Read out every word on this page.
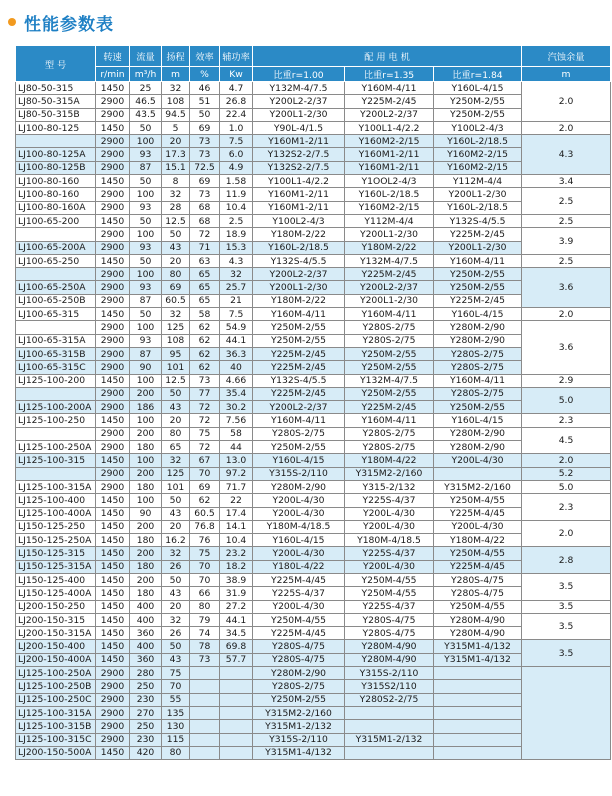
性能参数表
型 号	转速	流量	扬程	效率	辅功率	配 用 电 机			汽蚀余量
	r/min	m³/h	m	%	Kw	比重r=1.00	比重r=1.35	比重r=1.84	m
LJ80-50-315	1450	25	32	46	4.7	Y132M-4/7.5	Y160M-4/11	Y160L-4/15	2.0
LJ80-50-315A	2900	46.5	108	51	26.8	Y200L2-2/37	Y225M-2/45	Y250M-2/55	
LJ80-50-315B	2900	43.5	94.5	50	22.4	Y200L1-2/30	Y200L2-2/37	Y250M-2/55	
LJ100-80-125	1450	50	5	69	1.0	Y90L-4/1.5	Y100L1-4/2.2	Y100L2-4/3	2.0
	2900	100	20	73	7.5	Y160M1-2/11	Y160M2-2/15	Y160L-2/18.5	4.3
LJ100-80-125A	2900	93	17.3	73	6.0	Y132S2-2/7.5	Y160M1-2/11	Y160M2-2/15	
LJ100-80-125B	2900	87	15.1	72.5	4.9	Y132S2-2/7.5	Y160M1-2/11	Y160M2-2/15	
LJ100-80-160	1450	50	8	69	1.58	Y100L1-4/2.2	Y1OOL2-4/3	Y112M-4/4	3.4
LJ100-80-160	2900	100	32	73	11.9	Y160M1-2/11	Y160L-2/18.5	Y200L1-2/30	2.5
LJ100-80-160A	2900	93	28	68	10.4	Y160M1-2/11	Y160M2-2/15	Y160L-2/18.5	
LJ100-65-200	1450	50	12.5	68	2.5	Y100L2-4/3	Y112M-4/4	Y132S-4/5.5	2.5
	2900	100	50	72	18.9	Y180M-2/22	Y200L1-2/30	Y225M-2/45	3.9
LJ100-65-200A	2900	93	43	71	15.3	Y160L-2/18.5	Y180M-2/22	Y200L1-2/30	
LJ100-65-250	1450	50	20	63	4.3	Y132S-4/5.5	Y132M-4/7.5	Y160M-4/11	2.5
	2900	100	80	65	32	Y200L2-2/37	Y225M-2/45	Y250M-2/55	3.6
LJ100-65-250A	2900	93	69	65	25.7	Y200L1-2/30	Y200L2-2/37	Y250M-2/55	
LJ100-65-250B	2900	87	60.5	65	21	Y180M-2/22	Y200L1-2/30	Y225M-2/45	
LJ100-65-315	1450	50	32	58	7.5	Y160M-4/11	Y160M-4/11	Y160L-4/15	2.0
	2900	100	125	62	54.9	Y250M-2/55	Y280S-2/75	Y280M-2/90	3.6
LJ100-65-315A	2900	93	108	62	44.1	Y250M-2/55	Y280S-2/75	Y280M-2/90	
LJ100-65-315B	2900	87	95	62	36.3	Y225M-2/45	Y250M-2/55	Y280S-2/75	
LJ100-65-315C	2900	90	101	62	40	Y225M-2/45	Y250M-2/55	Y280S-2/75	
LJ125-100-200	1450	100	12.5	73	4.66	Y132S-4/5.5	Y132M-4/7.5	Y160M-4/11	2.9
	2900	200	50	77	35.4	Y225M-2/45	Y250M-2/55	Y280S-2/75	5.0
LJ125-100-200A	2900	186	43	72	30.2	Y200L2-2/37	Y225M-2/45	Y250M-2/55	
LJ125-100-250	1450	100	20	72	7.56	Y160M-4/11	Y160M-4/11	Y160L-4/15	2.3
	2900	200	80	75	58	Y280S-2/75	Y280S-2/75	Y280M-2/90	4.5
LJ125-100-250A	2900	180	65	72	44	Y250M-2/55	Y280S-2/75	Y280M-2/90	
LJ125-100-315	1450	100	32	67	13.0	Y160L-4/15	Y180M-4/22	Y200L-4/30	2.0
	2900	200	125	70	97.2	Y315S-2/110	Y315M2-2/160		5.2
LJ125-100-315A	2900	180	101	69	71.7	Y280M-2/90	Y315-2/132	Y315M2-2/160	5.0
LJ125-100-400	1450	100	50	62	22	Y200L-4/30	Y225S-4/37	Y250M-4/55	2.3
LJ125-100-400A	1450	90	43	60.5	17.4	Y200L-4/30	Y200L-4/30	Y225M-4/45	
LJ150-125-250	1450	200	20	76.8	14.1	Y180M-4/18.5	Y200L-4/30	Y200L-4/30	2.0
LJ150-125-250A	1450	180	16.2	76	10.4	Y160L-4/15	Y180M-4/18.5	Y180M-4/22	
LJ150-125-315	1450	200	32	75	23.2	Y200L-4/30	Y225S-4/37	Y250M-4/55	2.8
LJ150-125-315A	1450	180	26	70	18.2	Y180L-4/22	Y200L-4/30	Y225M-4/45	
LJ150-125-400	1450	200	50	70	38.9	Y225M-4/45	Y250M-4/55	Y280S-4/75	3.5
LJ150-125-400A	1450	180	43	66	31.9	Y225S-4/37	Y250M-4/55	Y280S-4/75	
LJ200-150-250	1450	400	20	80	27.2	Y200L-4/30	Y225S-4/37	Y250M-4/55	3.5
LJ200-150-315	1450	400	32	79	44.1	Y250M-4/55	Y280S-4/75	Y280M-4/90	3.5
LJ200-150-315A	1450	360	26	74	34.5	Y225M-4/45	Y280S-4/75	Y280M-4/90	
LJ200-150-400	1450	400	50	78	69.8	Y280S-4/75	Y280M-4/90	Y315M1-4/132	3.5
LJ200-150-400A	1450	360	43	73	57.7	Y280S-4/75	Y280M-4/90	Y315M1-4/132	
LJ125-100-250A	2900	280	75			Y280M-2/90	Y315S-2/110		
LJ125-100-250B	2900	250	70			Y280S-2/75	Y315S2/110		
LJ125-100-250C	2900	230	55			Y250M-2/55	Y280S2-2/75		
LJ125-100-315A	2900	270	135			Y315M2-2/160			
LJ125-100-315B	2900	250	130			Y315M1-2/132			
LJ125-100-315C	2900	230	115			Y315S-2/110	Y315M1-2/132		
LJ200-150-500A	1450	420	80			Y315M1-4/132			
